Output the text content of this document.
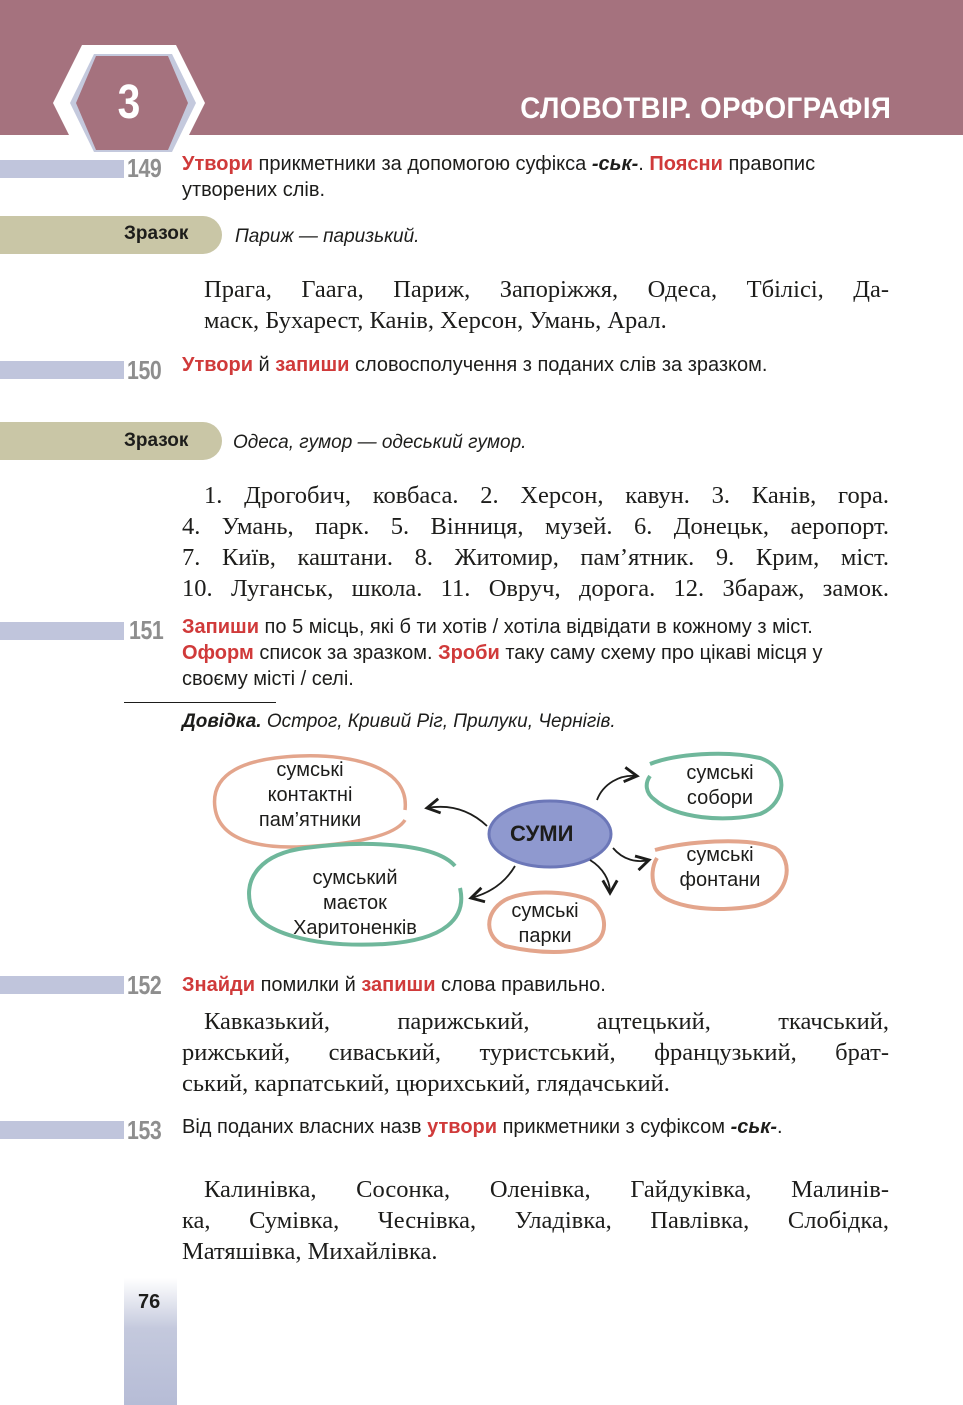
3	СЛОВОТВІР. ОРФОГРАФІЯ
149 Утвори прикметники за допомогою суфікса -ськ-. Поясни правопис утворених слів.
Зразок Париж — паризький.
Прага, Гаага, Париж, Запоріжжя, Одеса, Тбілісі, Да-
маск, Бухарест, Канів, Херсон, Умань, Арал.
150 Утвори й запиши словосполучення з поданих слів за зразком.
Зразок Одеса, гумор — одеський гумор.
1. Дрогобич, ковбаса. 2. Херсон, кавун. 3. Канів, гора.
4. Умань, парк. 5. Вінниця, музей. 6. Донецьк, аеропорт.
7. Київ, каштани. 8. Житомир, пам’ятник. 9. Крим, міст.
10. Луганськ, школа. 11. Овруч, дорога. 12. Збараж, замок.
151 Запиши по 5 місць, які б ти хотів / хотіла відвідати в кожному з міст. Оформ список за зразком. Зроби таку саму схему про цікаві місця у своєму місті / селі.
Довідка. Острог, Кривий Ріг, Прилуки, Чернігів.
СУМИ
сумські
контактні
пам’ятники
сумські
собори
сумські
фонтани
сумський
маєток
Харитоненків
сумські
парки
152 Знайди помилки й запиши слова правильно.
Кавказький, парижський, ацтецький, ткачський,
рижський, сиваський, туристський, французький, брат-
ський, карпатський, цюрихський, глядачський.
153 Від поданих власних назв утвори прикметники з суфіксом -ськ-.
Калинівка, Сосонка, Оленівка, Гайдуківка, Малинів-
ка, Сумівка, Чеснівка, Уладівка, Павлівка, Слобідка,
Матяшівка, Михайлівка.
76
